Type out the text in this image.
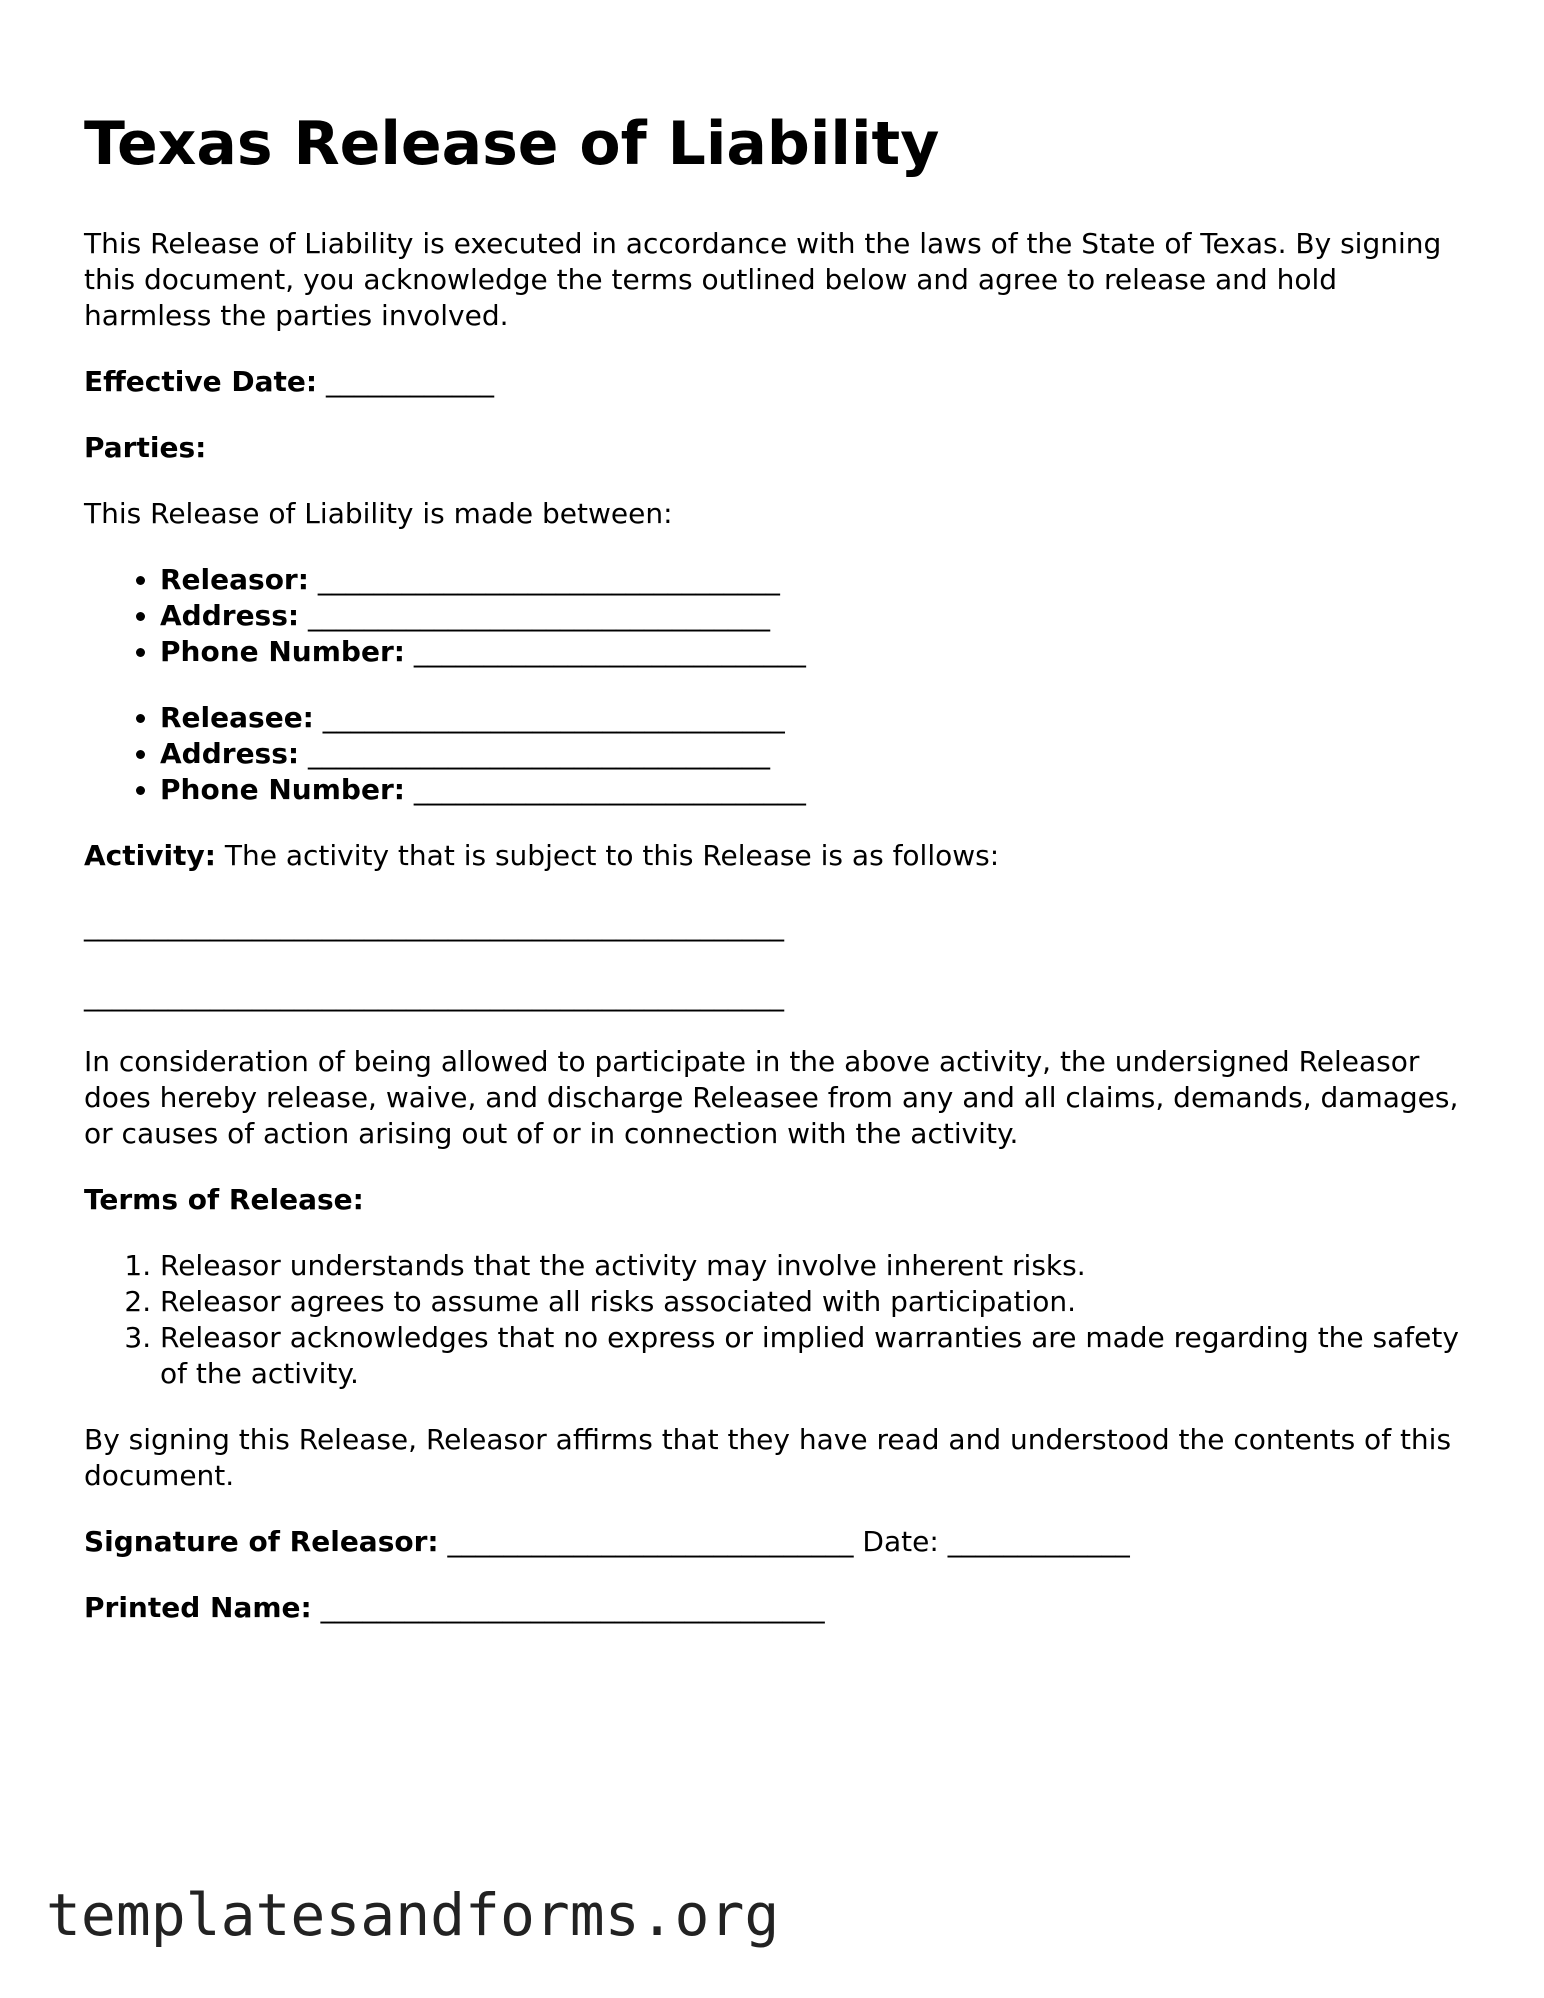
Texas Release of Liability

This Release of Liability is executed in accordance with the laws of the State of Texas. By signing this document, you acknowledge the terms outlined below and agree to release and hold harmless the parties involved.

Effective Date: ____________

Parties:

This Release of Liability is made between:

• Releasor: _________________________________
• Address: _________________________________
• Phone Number: ____________________________
• Releasee: _________________________________
• Address: _________________________________
• Phone Number: ____________________________

Activity: The activity that is subject to this Release is as follows:

__________________________________________________

__________________________________________________

In consideration of being allowed to participate in the above activity, the undersigned Releasor does hereby release, waive, and discharge Releasee from any and all claims, demands, damages, or causes of action arising out of or in connection with the activity.

Terms of Release:

1. Releasor understands that the activity may involve inherent risks.
2. Releasor agrees to assume all risks associated with participation.
3. Releasor acknowledges that no express or implied warranties are made regarding the safety of the activity.

By signing this Release, Releasor affirms that they have read and understood the contents of this document.

Signature of Releasor: _____________________________ Date: _____________

Printed Name: ____________________________________

templatesandforms.org
